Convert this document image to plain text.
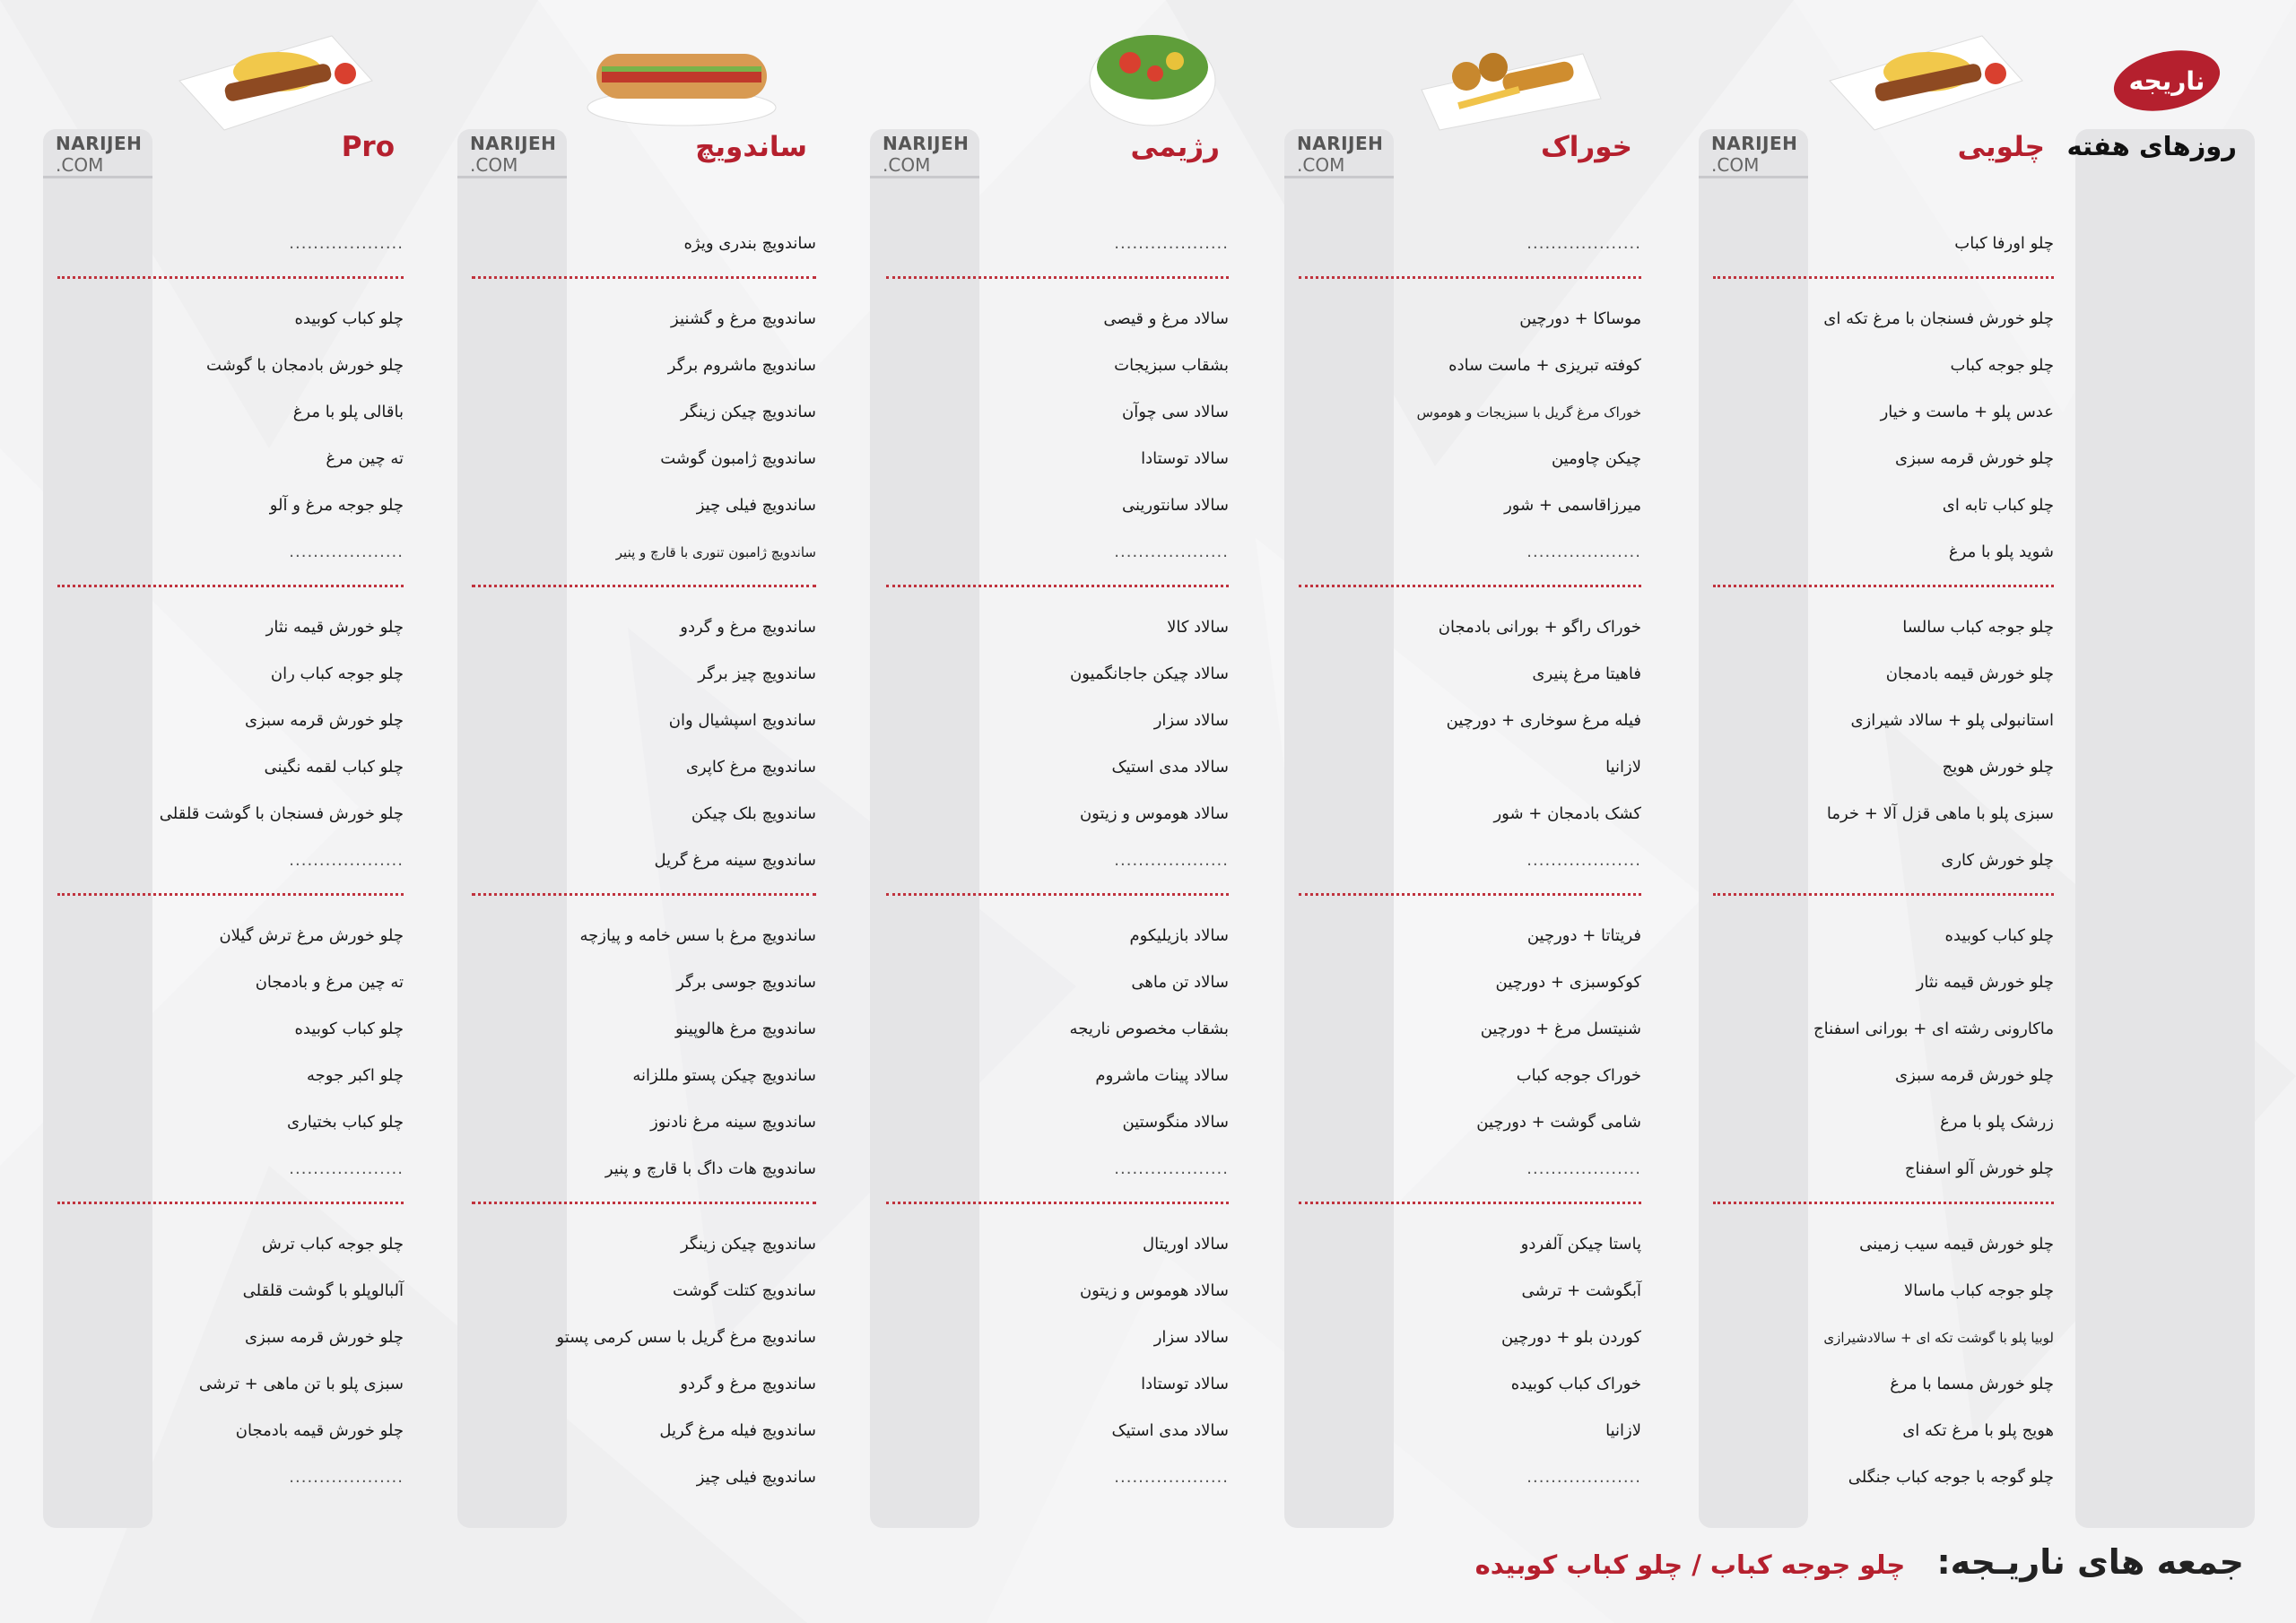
روزهای هفته
ناریجه
NARIJEH
.COM
چلویی
NARIJEH
.COM
خوراک
NARIJEH
.COM
رژیمی
NARIJEH
.COM
ساندویچ
NARIJEH
.COM
Pro
چلو اورفا کباب
...................
...................
ساندویچ بندری ویژه
...................
چلو خورش فسنجان با مرغ تکه ای
موساکا + دورچین
سالاد مرغ و قیصی
ساندویچ مرغ و گشنیز
چلو کباب کوبیده
چلو جوجه کباب
کوفته تبریزی + ماست ساده
بشقاب سبزیجات
ساندویچ ماشروم برگر
چلو خورش بادمجان با گوشت
عدس پلو + ماست و خیار
خوراک مرغ گریل با سبزیجات و هوموس
سالاد سی چوآن
ساندویچ چیکن زینگر
باقالی پلو با مرغ
چلو خورش قرمه سبزی
چیکن چاومین
سالاد توستادا
ساندویچ ژامبون گوشت
ته چین مرغ
چلو کباب تابه ای
میرزاقاسمی + شور
سالاد سانتورینی
ساندویچ فیلی چیز
چلو جوجه مرغ و آلو
شوید پلو با مرغ
...................
...................
ساندویچ ژامبون تنوری با قارچ و پنیر
...................
چلو جوجه کباب سالسا
خوراک راگو + بورانی بادمجان
سالاد کالا
ساندویچ مرغ و گردو
چلو خورش قیمه نثار
چلو خورش قیمه بادمجان
فاهیتا مرغ پنیری
سالاد چیکن جاجانگمیون
ساندویچ چیز برگر
چلو جوجه کباب ران
استانبولی پلو + سالاد شیرازی
فیله مرغ سوخاری + دورچین
سالاد سزار
ساندویچ اسپشیال وان
چلو خورش قرمه سبزی
چلو خورش هویج
لازانیا
سالاد مدی استیک
ساندویچ مرغ کاپری
چلو کباب لقمه نگینی
سبزی پلو با ماهی قزل آلا + خرما
کشک بادمجان + شور
سالاد هوموس و زیتون
ساندویچ بلک چیکن
چلو خورش فسنجان با گوشت قلقلی
چلو خورش کاری
...................
...................
ساندویچ سینه مرغ گریل
...................
چلو کباب کوبیده
فریتاتا + دورچین
سالاد بازیلیکوم
ساندویچ مرغ با سس خامه و پیازچه
چلو خورش مرغ ترش گیلان
چلو خورش قیمه نثار
کوکوسبزی + دورچین
سالاد تن ماهی
ساندویچ جوسی برگر
ته چین مرغ و بادمجان
ماکارونی رشته ای + بورانی اسفناج
شنیتسل مرغ + دورچین
بشقاب مخصوص ناریجه
ساندویچ مرغ هالوپینو
چلو کباب کوبیده
چلو خورش قرمه سبزی
خوراک جوجه کباب
سالاد پینات ماشروم
ساندویچ چیکن پستو مللزانه
چلو اکبر جوجه
زرشک پلو با مرغ
شامی گوشت + دورچین
سالاد منگوستین
ساندویچ سینه مرغ نادنوز
چلو کباب بختیاری
چلو خورش آلو اسفناج
...................
...................
ساندویچ هات داگ با قارچ و پنیر
...................
چلو خورش قیمه سیب زمینی
پاستا چیکن آلفردو
سالاد اوریتال
ساندویچ چیکن زینگر
چلو جوجه کباب ترش
چلو جوجه کباب ماسالا
آبگوشت + ترشی
سالاد هوموس و زیتون
ساندویچ کتلت گوشت
آلبالوپلو با گوشت قلقلی
لوبیا پلو با گوشت تکه ای + سالادشیرازی
کوردن بلو + دورچین
سالاد سزار
ساندویچ مرغ گریل با سس کرمی پستو
چلو خورش قرمه سبزی
چلو خورش مسما با مرغ
خوراک کباب کوبیده
سالاد توستادا
ساندویچ مرغ و گردو
سبزی پلو با تن ماهی + ترشی
هویج پلو با مرغ تکه ای
لازانیا
سالاد مدی استیک
ساندویچ فیله مرغ گریل
چلو خورش قیمه بادمجان
چلو گوجه با جوجه کباب جنگلی
...................
...................
ساندویچ فیلی چیز
...................
جمعه های ناریـجه: چلو جوجه کباب / چلو کباب کوبیده
